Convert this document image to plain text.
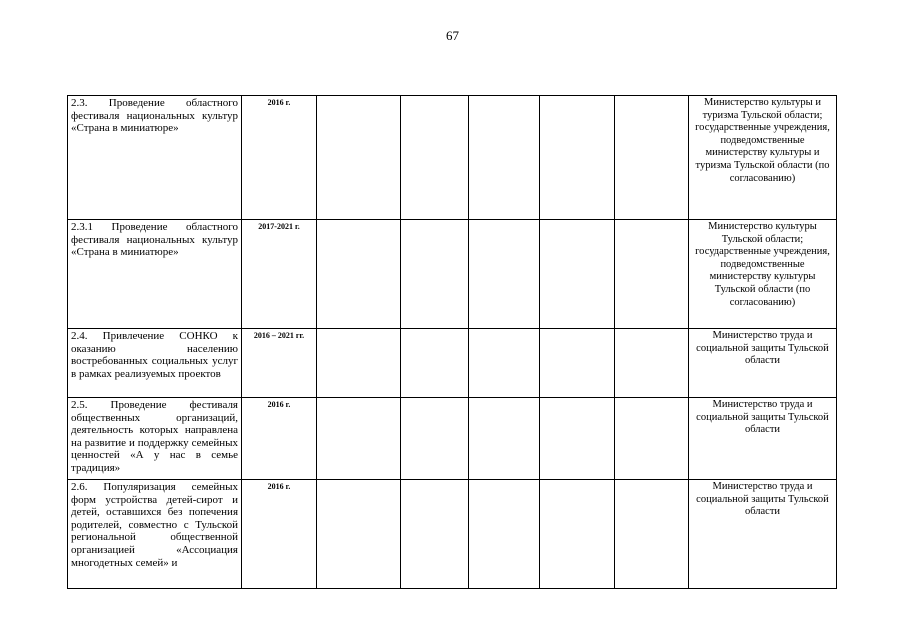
67
2.3. Проведение областного фестиваля национальных культур «Страна в миниатюре»	2016 г.						Министерство культуры и туризма Тульской области; государственные учреждения, подведомственные министерству культуры и туризма Тульской области (по согласованию)
2.3.1 Проведение областного фестиваля национальных культур «Страна в миниатюре»	2017-2021 г.						Министерство культуры Тульской области; государственные учреждения, подведомственные министерству культуры Тульской области (по согласованию)
2.4. Привлечение СОНКО к оказанию населению востребованных социальных услуг в рамках реализуемых проектов	2016 – 2021 гг.						Министерство труда и социальной защиты Тульской области
2.5. Проведение фестиваля общественных организаций, деятельность которых направлена на развитие и поддержку семейных ценностей «А у нас в семье традиция»	2016 г.						Министерство труда и социальной защиты Тульской области
2.6. Популяризация семейных форм устройства детей-сирот и детей, оставшихся без попечения родителей, совместно с Тульской региональной общественной организацией «Ассоциация многодетных семей» и	2016 г.						Министерство труда и социальной защиты Тульской области
